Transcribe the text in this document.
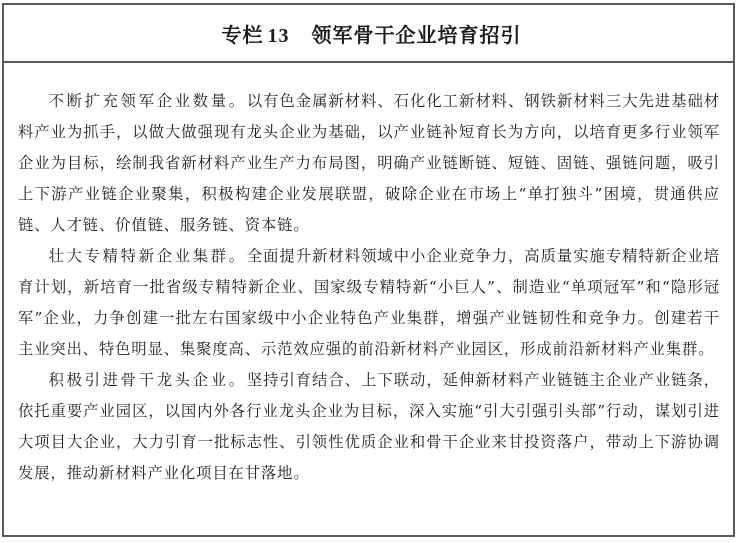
专栏 13 领军骨干企业培育招引

不断扩充领军企业数量。以有色金属新材料、石化化工新材料、钢铁新材料三大先进基础材料产业为抓手，以做大做强现有龙头企业为基础，以产业链补短育长为方向，以培育更多行业领军企业为目标，绘制我省新材料产业生产力布局图，明确产业链断链、短链、固链、强链问题，吸引上下游产业链企业聚集，积极构建企业发展联盟，破除企业在市场上“单打独斗”困境，贯通供应链、人才链、价值链、服务链、资本链。

壮大专精特新企业集群。全面提升新材料领域中小企业竞争力，高质量实施专精特新企业培育计划，新培育一批省级专精特新企业、国家级专精特新“小巨人”、制造业“单项冠军”和“隐形冠军”企业，力争创建一批左右国家级中小企业特色产业集群，增强产业链韧性和竞争力。创建若干主业突出、特色明显、集聚度高、示范效应强的前沿新材料产业园区，形成前沿新材料产业集群。

积极引进骨干龙头企业。坚持引育结合、上下联动，延伸新材料产业链链主企业产业链条，依托重要产业园区，以国内外各行业龙头企业为目标，深入实施“引大引强引头部”行动，谋划引进大项目大企业，大力引育一批标志性、引领性优质企业和骨干企业来甘投资落户，带动上下游协调发展，推动新材料产业化项目在甘落地。
